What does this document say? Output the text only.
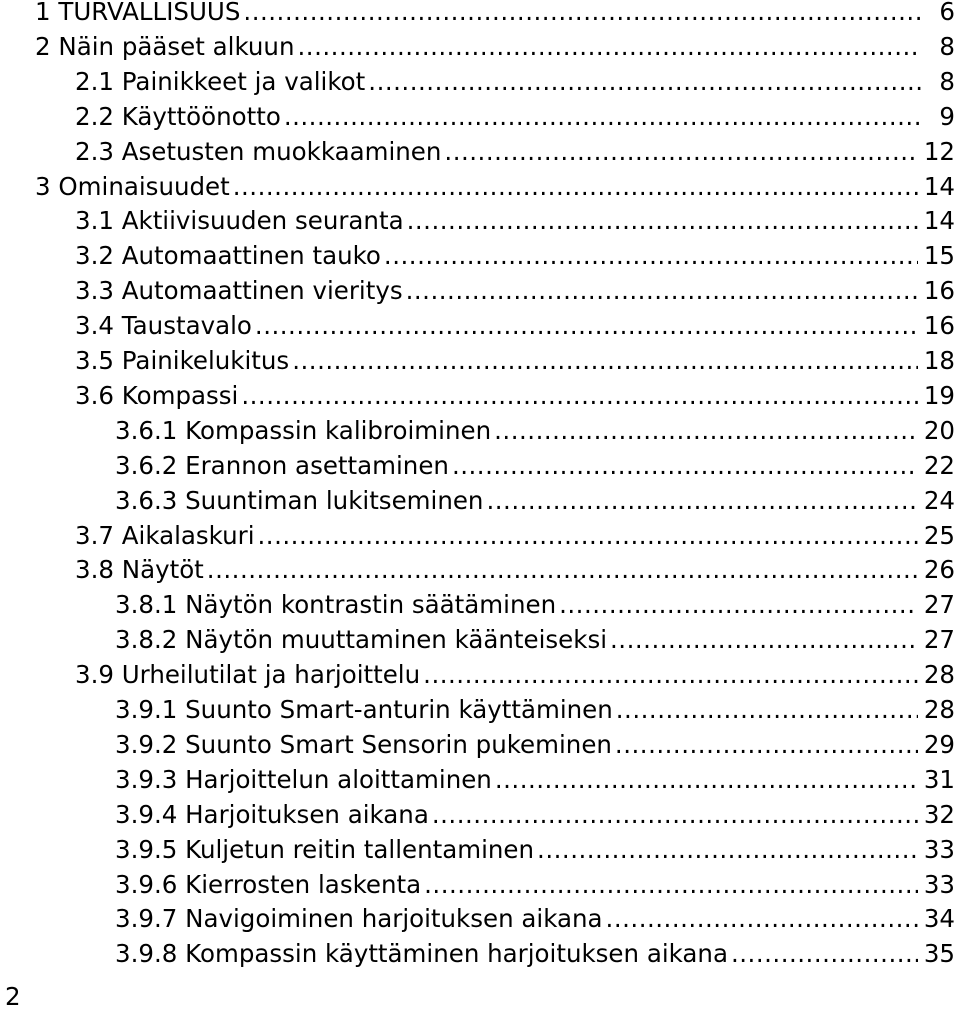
1 TURVALLISUUS .....	6
2 Näin pääset alkuun .....	8
2.1 Painikkeet ja valikot .....	8
2.2 Käyttöönotto .....	9
2.3 Asetusten muokkaaminen .....	12
3 Ominaisuudet .....	14
3.1 Aktiivisuuden seuranta .....	14
3.2 Automaattinen tauko .....	15
3.3 Automaattinen vieritys .....	16
3.4 Taustavalo .....	16
3.5 Painikelukitus .....	18
3.6 Kompassi .....	19
3.6.1 Kompassin kalibroiminen .....	20
3.6.2 Erannon asettaminen .....	22
3.6.3 Suuntiman lukitseminen .....	24
3.7 Aikalaskuri .....	25
3.8 Näytöt .....	26
3.8.1 Näytön kontrastin säätäminen .....	27
3.8.2 Näytön muuttaminen käänteiseksi .....	27
3.9 Urheilutilat ja harjoittelu .....	28
3.9.1 Suunto Smart-anturin käyttäminen .....	28
3.9.2 Suunto Smart Sensorin pukeminen .....	29
3.9.3 Harjoittelun aloittaminen .....	31
3.9.4 Harjoituksen aikana .....	32
3.9.5 Kuljetun reitin tallentaminen .....	33
3.9.6 Kierrosten laskenta .....	33
3.9.7 Navigoiminen harjoituksen aikana .....	34
3.9.8 Kompassin käyttäminen harjoituksen aikana .....	35
2
